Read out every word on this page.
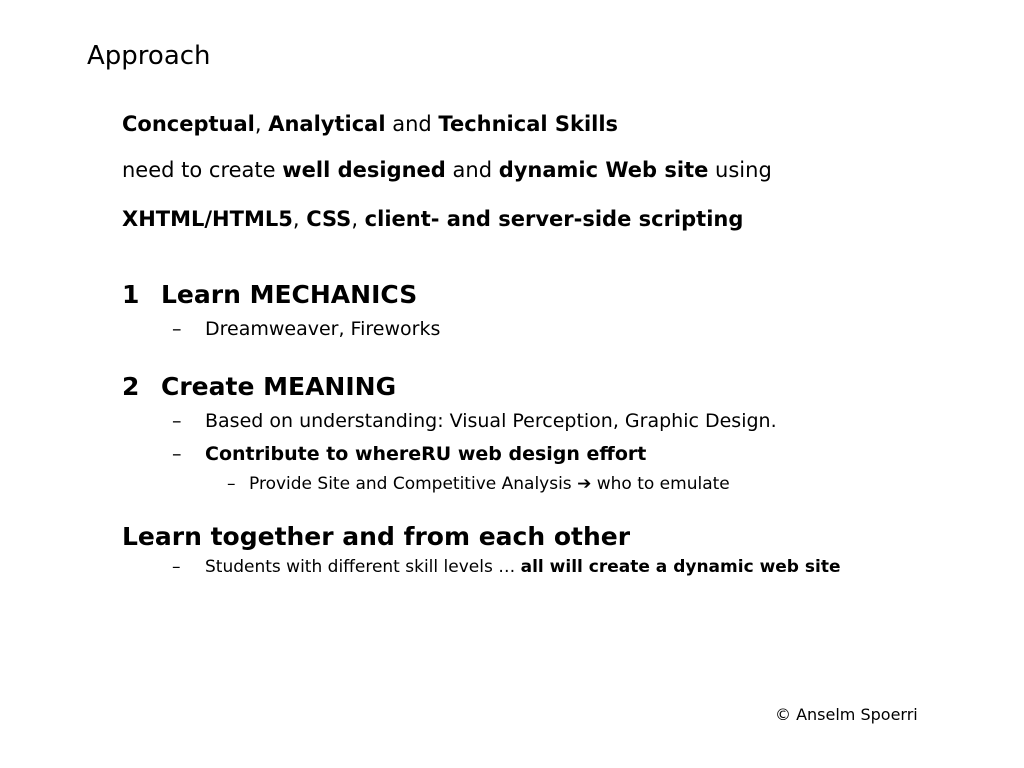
Approach
Conceptual, Analytical and Technical Skills
need to create well designed and dynamic Web site using
XHTML/HTML5, CSS, client- and server-side scripting
1 Learn MECHANICS
– Dreamweaver, Fireworks
2 Create MEANING
– Based on understanding: Visual Perception, Graphic Design.
– Contribute to whereRU web design effort
– Provide Site and Competitive Analysis ➔ who to emulate
Learn together and from each other
– Students with different skill levels … all will create a dynamic web site
© Anselm Spoerri
